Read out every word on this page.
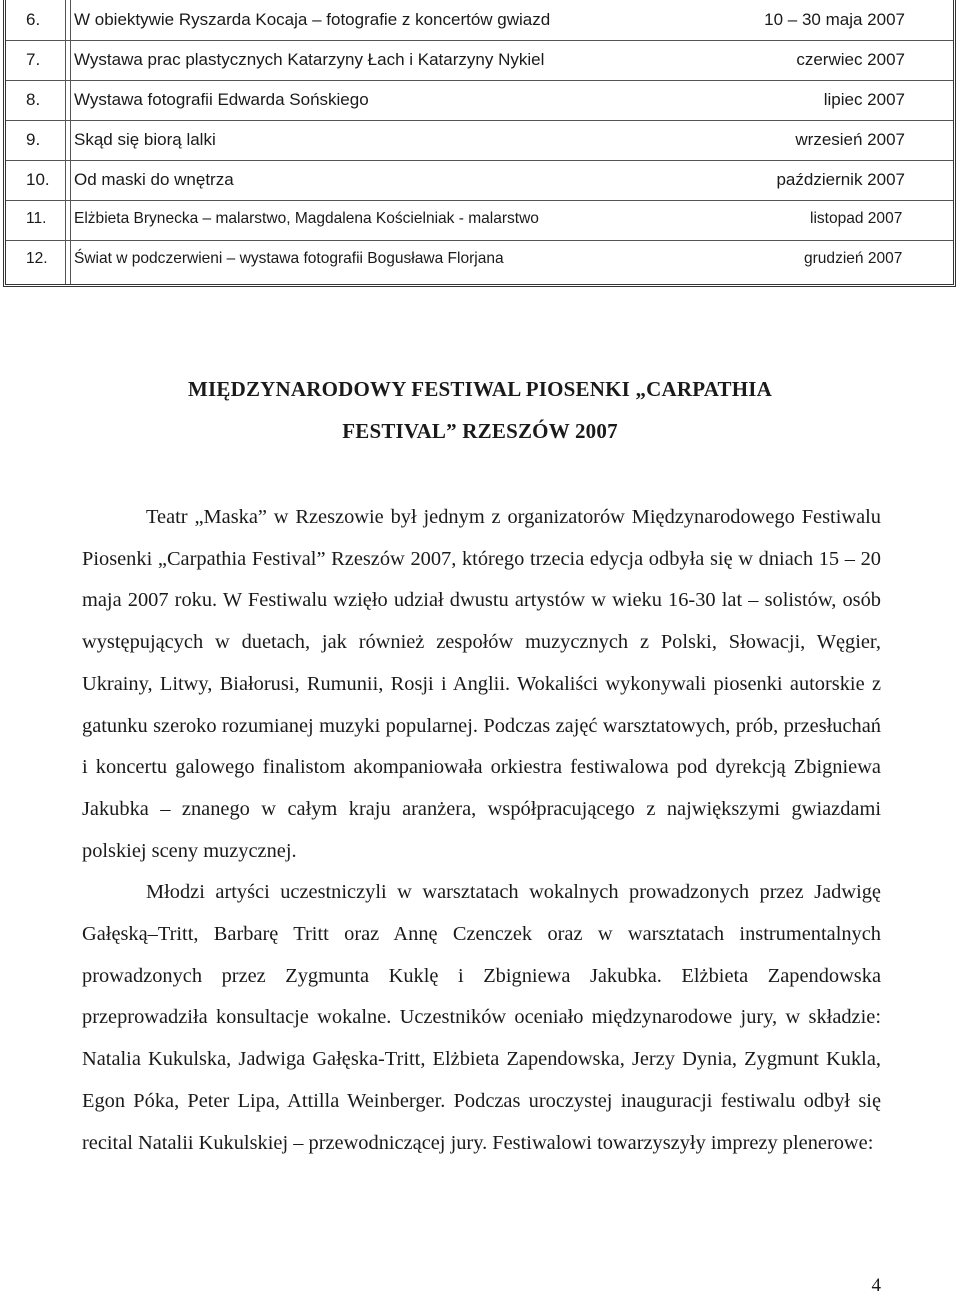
6. W obiektywie Ryszarda Kocaja – fotografie z koncertów gwiazd	10 – 30 maja 2007
7. Wystawa prac plastycznych Katarzyny Łach i Katarzyny Nykiel	czerwiec 2007
8. Wystawa fotografii Edwarda Sońskiego	lipiec 2007
9. Skąd się biorą lalki	wrzesień 2007
10. Od maski do wnętrza	październik 2007
11. Elżbieta Brynecka – malarstwo, Magdalena Kościelniak - malarstwo	listopad 2007
12. Świat w podczerwieni – wystawa fotografii Bogusława Florjana	grudzień 2007
MIĘDZYNARODOWY FESTIWAL PIOSENKI „CARPATHIA
FESTIVAL” RZESZÓW 2007

Teatr „Maska” w Rzeszowie był jednym z organizatorów Międzynarodowego Festiwalu Piosenki „Carpathia Festival” Rzeszów 2007, którego trzecia edycja odbyła się w dniach 15 – 20 maja 2007 roku. W Festiwalu wzięło udział dwustu artystów w wieku 16-30 lat – solistów, osób występujących w duetach, jak również zespołów muzycznych z Polski, Słowacji, Węgier, Ukrainy, Litwy, Białorusi, Rumunii, Rosji i Anglii. Wokaliści wykonywali piosenki autorskie z gatunku szeroko rozumianej muzyki popularnej. Podczas zajęć warsztatowych, prób, przesłuchań i koncertu galowego finalistom akompaniowała orkiestra festiwalowa pod dyrekcją Zbigniewa Jakubka – znanego w całym kraju aranżera, współpracującego z największymi gwiazdami polskiej sceny muzycznej.

Młodzi artyści uczestniczyli w warsztatach wokalnych prowadzonych przez Jadwigę Gałęską–Tritt, Barbarę Tritt oraz Annę Czenczek oraz w warsztatach instrumentalnych prowadzonych przez Zygmunta Kuklę i Zbigniewa Jakubka. Elżbieta Zapendowska przeprowadziła konsultacje wokalne. Uczestników oceniało międzynarodowe jury, w składzie: Natalia Kukulska, Jadwiga Gałęska-Tritt, Elżbieta Zapendowska, Jerzy Dynia, Zygmunt Kukla, Egon Póka, Peter Lipa, Attilla Weinberger. Podczas uroczystej inauguracji festiwalu odbył się recital Natalii Kukulskiej – przewodniczącej jury. Festiwalowi towarzyszyły imprezy plenerowe:

4
